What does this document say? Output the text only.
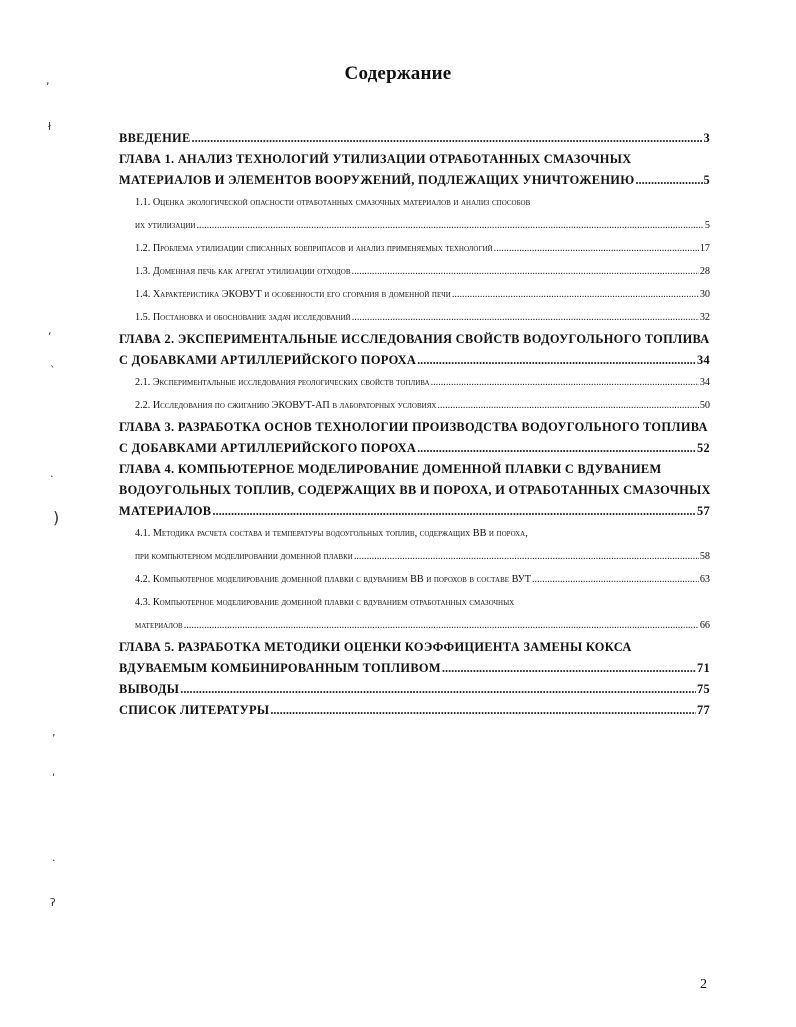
Содержание
ВВЕДЕНИЕ .....	3
ГЛАВА 1. АНАЛИЗ ТЕХНОЛОГИЙ УТИЛИЗАЦИИ ОТРАБОТАННЫХ СМАЗОЧНЫХ
МАТЕРИАЛОВ И ЭЛЕМЕНТОВ ВООРУЖЕНИЙ, ПОДЛЕЖАЩИХ УНИЧТОЖЕНИЮ .....	5
1.1. Оценка экологической опасности отработанных смазочных материалов и анализ способов
их утилизации .....	5
1.2. Проблема утилизации списанных боеприпасов и анализ применяемых технологий .....	17
1.3. Доменная печь как агрегат утилизации отходов .....	28
1.4. Характеристика ЭКОВУТ и особенности его сгорания в доменной печи .....	30
1.5. Постановка и обоснование задач исследований .....	32
ГЛАВА 2. ЭКСПЕРИМЕНТАЛЬНЫЕ ИССЛЕДОВАНИЯ СВОЙСТВ ВОДОУГОЛЬНОГО ТОПЛИВА
С ДОБАВКАМИ АРТИЛЛЕРИЙСКОГО ПОРОХА .....	34
2.1. Экспериментальные исследования реологических свойств топлива .....	34
2.2. Исследования по сжиганию ЭКОВУТ-АП в лабораторных условиях .....	50
ГЛАВА 3. РАЗРАБОТКА ОСНОВ ТЕХНОЛОГИИ ПРОИЗВОДСТВА ВОДОУГОЛЬНОГО ТОПЛИВА
С ДОБАВКАМИ АРТИЛЛЕРИЙСКОГО ПОРОХА .....	52
ГЛАВА 4. КОМПЬЮТЕРНОЕ МОДЕЛИРОВАНИЕ ДОМЕННОЙ ПЛАВКИ С ВДУВАНИЕМ
ВОДОУГОЛЬНЫХ ТОПЛИВ, СОДЕРЖАЩИХ ВВ И ПОРОХА, И ОТРАБОТАННЫХ СМАЗОЧНЫХ
МАТЕРИАЛОВ .....	57
4.1. Методика расчета состава и температуры водоугольных топлив, содержащих ВВ и пороха,
при компьютерном моделировании доменной плавки .....	58
4.2. Компьютерное моделирование доменной плавки с вдуванием ВВ и порохов в составе ВУТ .....	63
4.3. Компьютерное моделирование доменной плавки с вдуванием отработанных смазочных
материалов .....	66
ГЛАВА 5. РАЗРАБОТКА МЕТОДИКИ ОЦЕНКИ КОЭФФИЦИЕНТА ЗАМЕНЫ КОКСА
ВДУВАЕМЫМ КОМБИНИРОВАННЫМ ТОПЛИВОМ .....	71
ВЫВОДЫ .....	75
СПИСОК ЛИТЕРАТУРЫ .....	77
2
,
ł
,
ˋ
·
)
ʼ
ʹ
·
ʔ
